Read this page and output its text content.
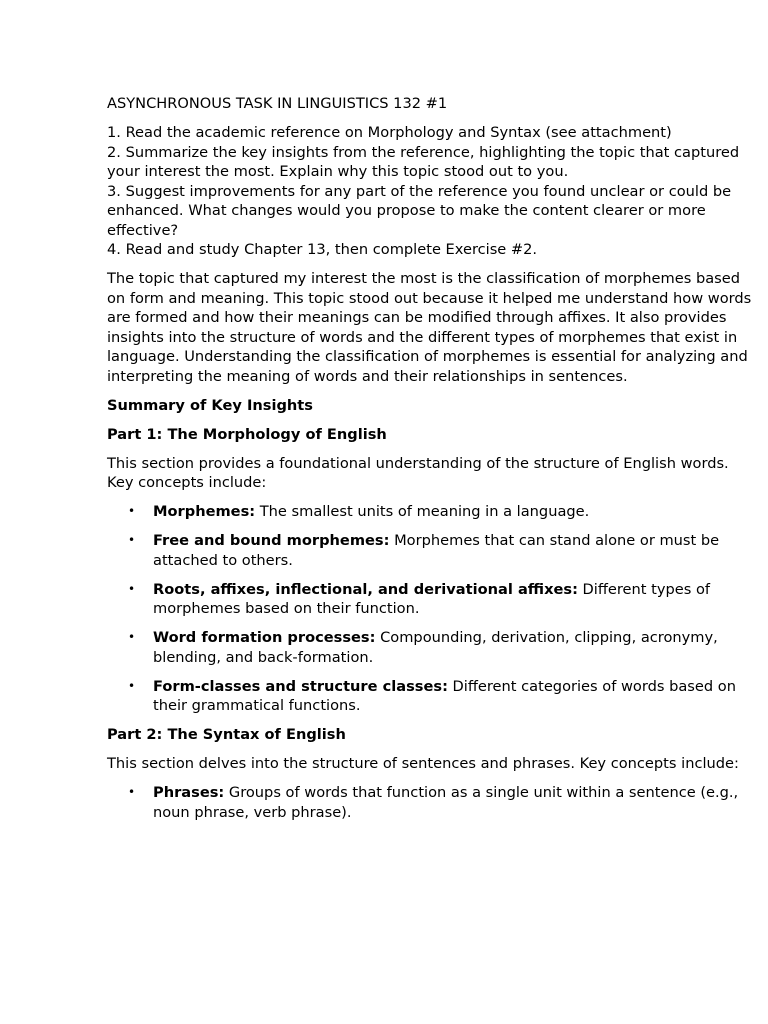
ASYNCHRONOUS TASK IN LINGUISTICS 132 #1

1. Read the academic reference on Morphology and Syntax (see attachment)

2. Summarize the key insights from the reference, highlighting the topic that captured your interest the most. Explain why this topic stood out to you.

3. Suggest improvements for any part of the reference you found unclear or could be enhanced. What changes would you propose to make the content clearer or more effective?

4. Read and study Chapter 13, then complete Exercise #2.

The topic that captured my interest the most is the classification of morphemes based on form and meaning. This topic stood out because it helped me understand how words are formed and how their meanings can be modified through affixes. It also provides insights into the structure of words and the different types of morphemes that exist in language. Understanding the classification of morphemes is essential for analyzing and interpreting the meaning of words and their relationships in sentences.

Summary of Key Insights

Part 1: The Morphology of English

This section provides a foundational understanding of the structure of English words. Key concepts include:

• Morphemes: The smallest units of meaning in a language.
• Free and bound morphemes: Morphemes that can stand alone or must be attached to others.
• Roots, affixes, inflectional, and derivational affixes: Different types of morphemes based on their function.
• Word formation processes: Compounding, derivation, clipping, acronymy, blending, and back-formation.
• Form-classes and structure classes: Different categories of words based on their grammatical functions.

Part 2: The Syntax of English

This section delves into the structure of sentences and phrases. Key concepts include:

• Phrases: Groups of words that function as a single unit within a sentence (e.g., noun phrase, verb phrase).
